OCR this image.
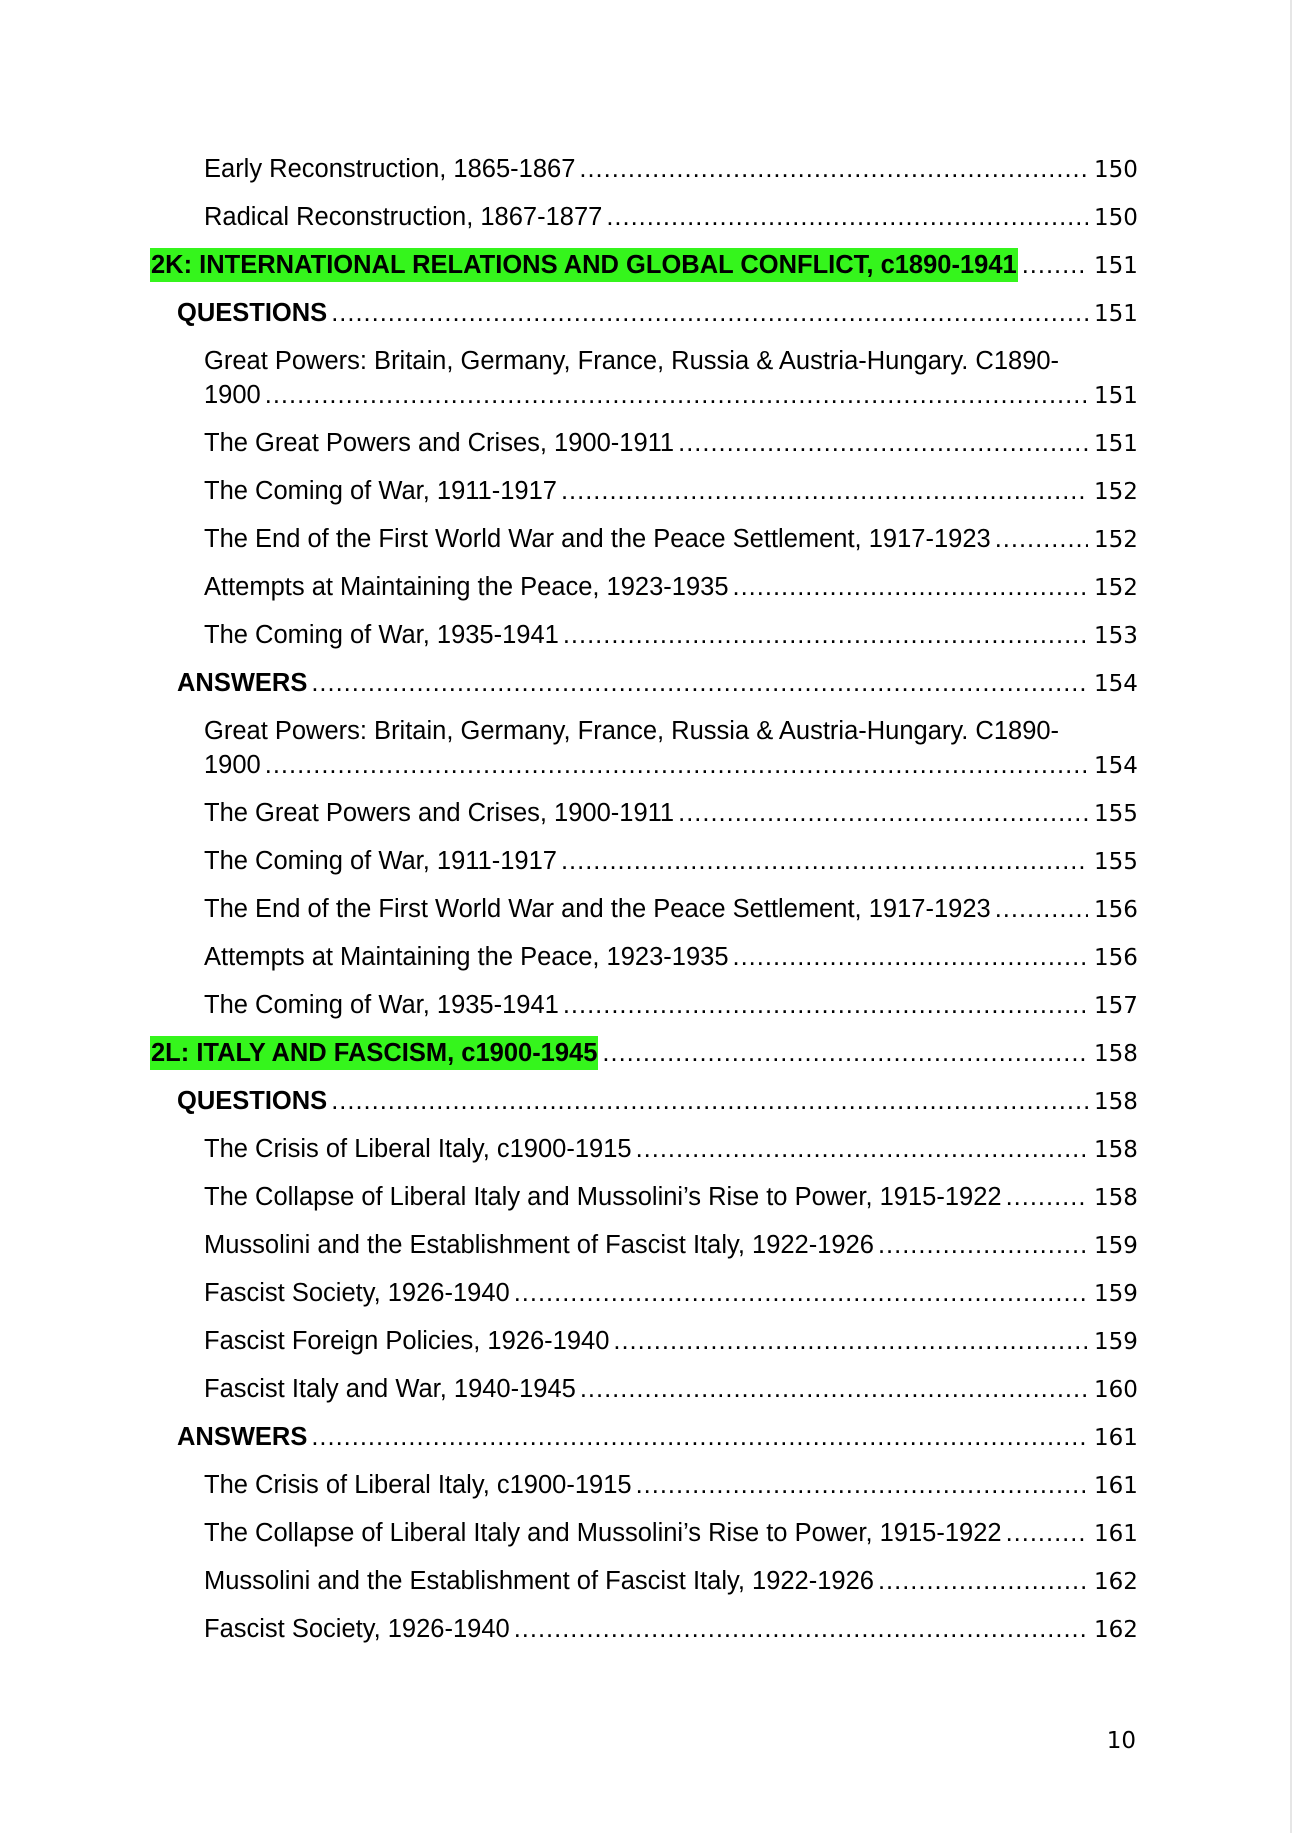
Early Reconstruction, 1865-1867 .....	150
Radical Reconstruction, 1867-1877 .....	150
2K: INTERNATIONAL RELATIONS AND GLOBAL CONFLICT, c1890-1941 .....	151
QUESTIONS .....	151
Great Powers: Britain, Germany, France, Russia & Austria-Hungary. C1890-
1900 .....	151
The Great Powers and Crises, 1900-1911 .....	151
The Coming of War, 1911-1917 .....	152
The End of the First World War and the Peace Settlement, 1917-1923 .....	152
Attempts at Maintaining the Peace, 1923-1935 .....	152
The Coming of War, 1935-1941 .....	153
ANSWERS .....	154
Great Powers: Britain, Germany, France, Russia & Austria-Hungary. C1890-
1900 .....	154
The Great Powers and Crises, 1900-1911 .....	155
The Coming of War, 1911-1917 .....	155
The End of the First World War and the Peace Settlement, 1917-1923 .....	156
Attempts at Maintaining the Peace, 1923-1935 .....	156
The Coming of War, 1935-1941 .....	157
2L: ITALY AND FASCISM, c1900-1945 .....	158
QUESTIONS .....	158
The Crisis of Liberal Italy, c1900-1915 .....	158
The Collapse of Liberal Italy and Mussolini’s Rise to Power, 1915-1922 .....	158
Mussolini and the Establishment of Fascist Italy, 1922-1926 .....	159
Fascist Society, 1926-1940 .....	159
Fascist Foreign Policies, 1926-1940 .....	159
Fascist Italy and War, 1940-1945 .....	160
ANSWERS .....	161
The Crisis of Liberal Italy, c1900-1915 .....	161
The Collapse of Liberal Italy and Mussolini’s Rise to Power, 1915-1922 .....	161
Mussolini and the Establishment of Fascist Italy, 1922-1926 .....	162
Fascist Society, 1926-1940 .....	162
10
